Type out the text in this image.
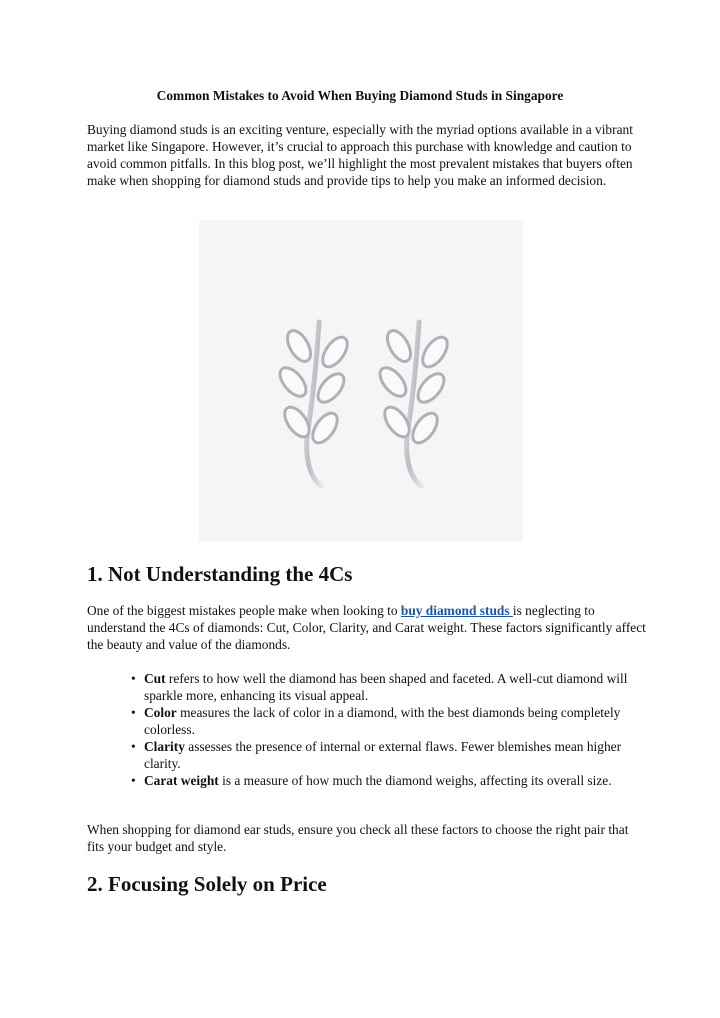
Common Mistakes to Avoid When Buying Diamond Studs in Singapore

Buying diamond studs is an exciting venture, especially with the myriad options available in a vibrant market like Singapore. However, it’s crucial to approach this purchase with knowledge and caution to avoid common pitfalls. In this blog post, we’ll highlight the most prevalent mistakes that buyers often make when shopping for diamond studs and provide tips to help you make an informed decision.

1. Not Understanding the 4Cs

One of the biggest mistakes people make when looking to buy diamond studs is neglecting to understand the 4Cs of diamonds: Cut, Color, Clarity, and Carat weight. These factors significantly affect the beauty and value of the diamonds.

• Cut refers to how well the diamond has been shaped and faceted. A well-cut diamond will sparkle more, enhancing its visual appeal.
• Color measures the lack of color in a diamond, with the best diamonds being completely colorless.
• Clarity assesses the presence of internal or external flaws. Fewer blemishes mean higher clarity.
• Carat weight is a measure of how much the diamond weighs, affecting its overall size.

When shopping for diamond ear studs, ensure you check all these factors to choose the right pair that fits your budget and style.

2. Focusing Solely on Price
